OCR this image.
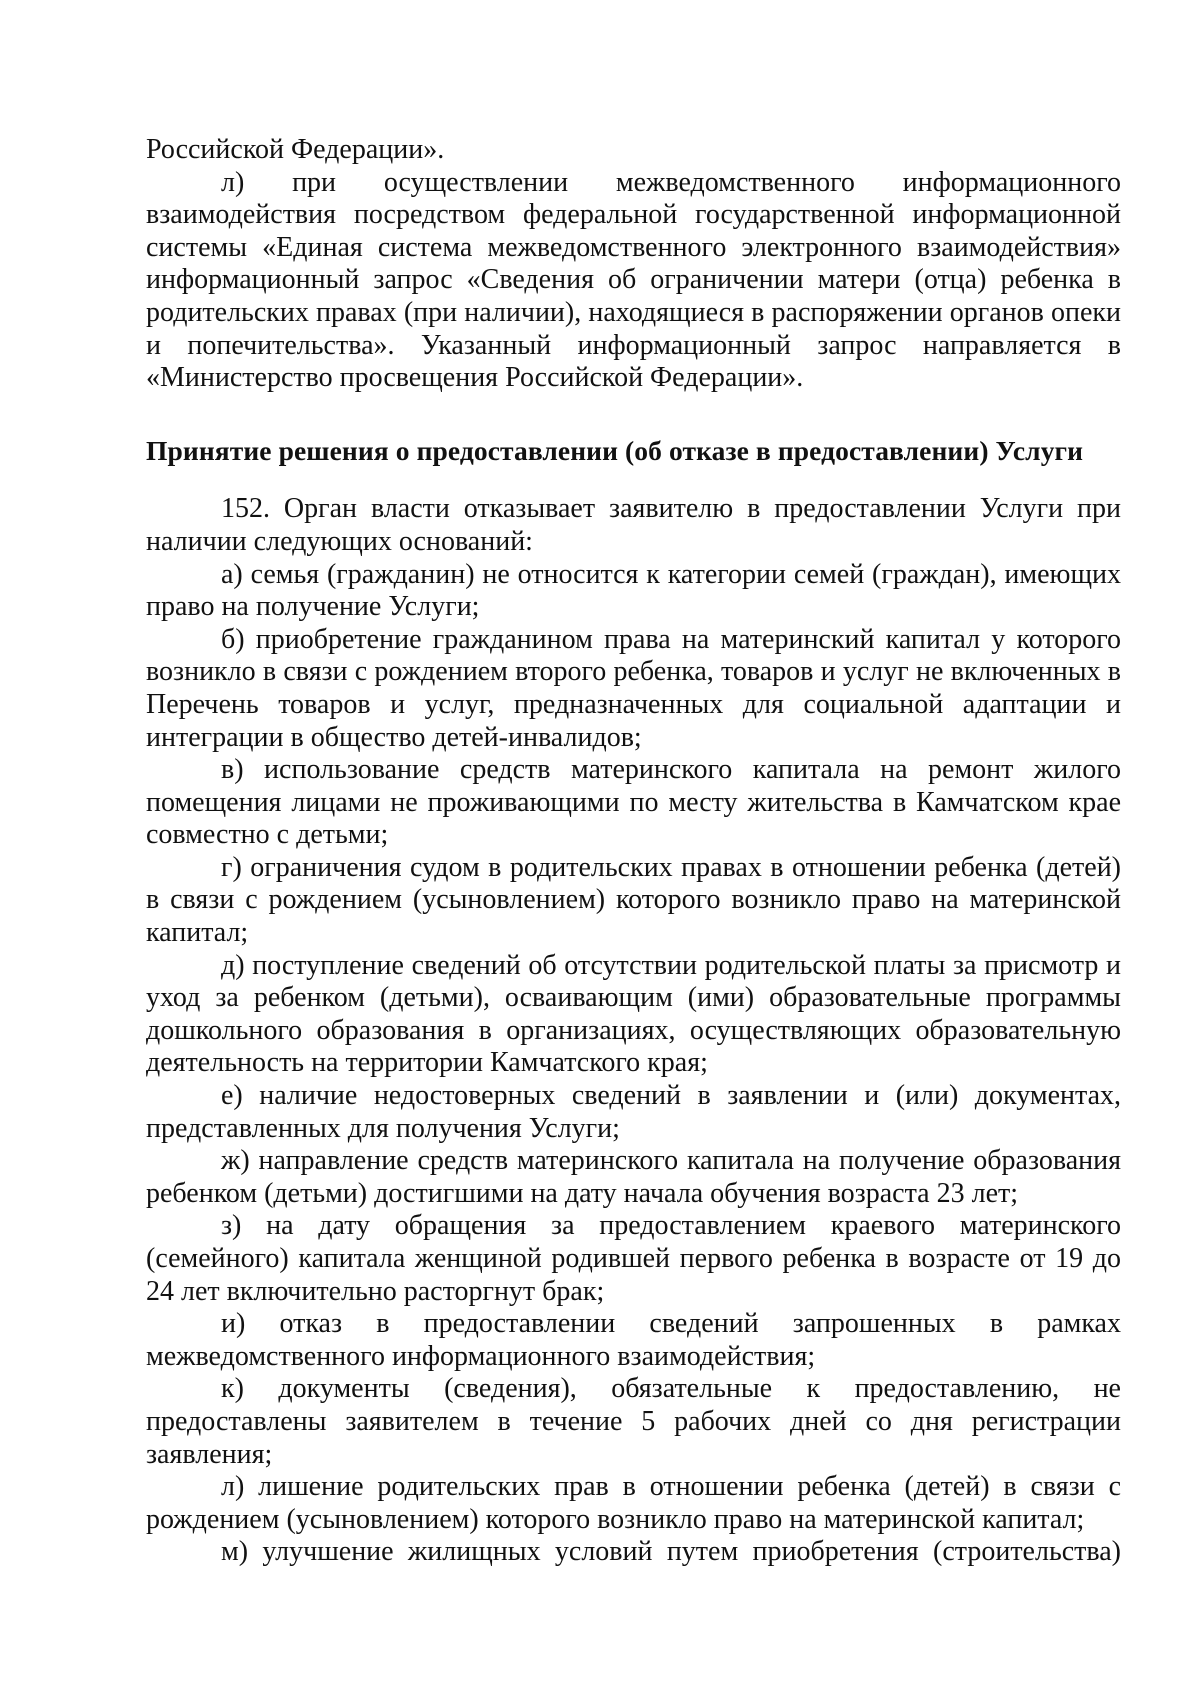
Российской Федерации».

л) при осуществлении межведомственного информационного взаимодействия посредством федеральной государственной информационной системы «Единая система межведомственного электронного взаимодействия» информационный запрос «Сведения об ограничении матери (отца) ребенка в родительских правах (при наличии), находящиеся в распоряжении органов опеки и попечительства». Указанный информационный запрос направляется в «Министерство просвещения Российской Федерации».

Принятие решения о предоставлении (об отказе в предоставлении) Услуги

152. Орган власти отказывает заявителю в предоставлении Услуги при наличии следующих оснований:

а) семья (гражданин) не относится к категории семей (граждан), имеющих право на получение Услуги;

б) приобретение гражданином права на материнский капитал у которого возникло в связи с рождением второго ребенка, товаров и услуг не включенных в Перечень товаров и услуг, предназначенных для социальной адаптации и интеграции в общество детей-инвалидов;

в) использование средств материнского капитала на ремонт жилого помещения лицами не проживающими по месту жительства в Камчатском крае совместно с детьми;

г) ограничения судом в родительских правах в отношении ребенка (детей) в связи с рождением (усыновлением) которого возникло право на материнской капитал;

д) поступление сведений об отсутствии родительской платы за присмотр и уход за ребенком (детьми), осваивающим (ими) образовательные программы дошкольного образования в организациях, осуществляющих образовательную деятельность на территории Камчатского края;

е) наличие недостоверных сведений в заявлении и (или) документах, представленных для получения Услуги;

ж) направление средств материнского капитала на получение образования ребенком (детьми) достигшими на дату начала обучения возраста 23 лет;

з) на дату обращения за предоставлением краевого материнского (семейного) капитала женщиной родившей первого ребенка в возрасте от 19 до 24 лет включительно расторгнут брак;

и) отказ в предоставлении сведений запрошенных в рамках межведомственного информационного взаимодействия;

к) документы (сведения), обязательные к предоставлению, не предоставлены заявителем в течение 5 рабочих дней со дня регистрации заявления;

л) лишение родительских прав в отношении ребенка (детей) в связи с рождением (усыновлением) которого возникло право на материнской капитал;

м) улучшение жилищных условий путем приобретения (строительства)
